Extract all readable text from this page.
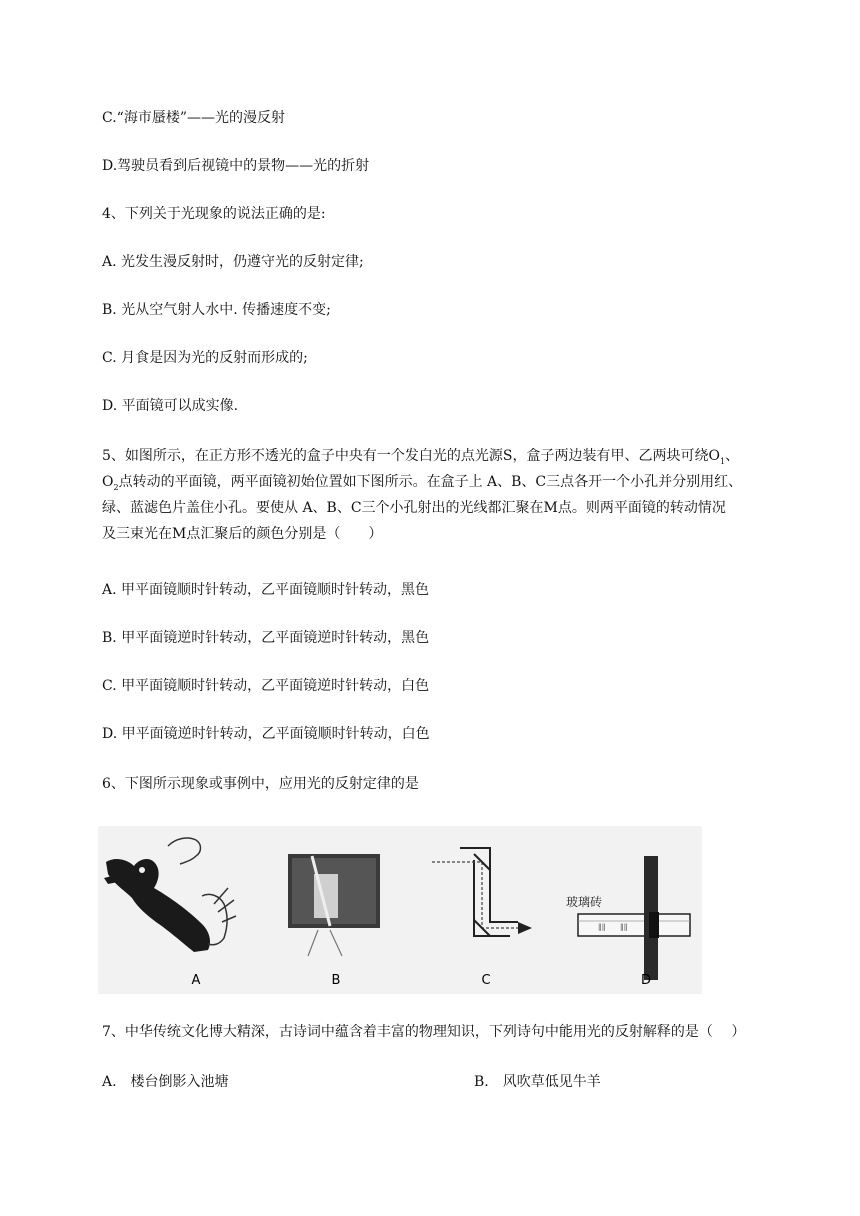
C.“海市蜃楼”——光的漫反射
D.驾驶员看到后视镜中的景物——光的折射
4、下列关于光现象的说法正确的是:
A. 光发生漫反射时，仍遵守光的反射定律;
B. 光从空气射人水中. 传播速度不变;
C. 月食是因为光的反射而形成的;
D. 平面镜可以成实像.
5、如图所示，在正方形不透光的盒子中央有一个发白光的点光源S，盒子两边装有甲、乙两块可绕$O_1$、
$O_2$点转动的平面镜，两平面镜初始位置如下图所示。在盒子上 A、B、C三点各开一个小孔并分别用红、
绿、蓝滤色片盖住小孔。要使从 A、B、C三个小孔射出的光线都汇聚在M点。则两平面镜的转动情况
及三束光在M点汇聚后的颜色分别是（　　）
A. 甲平面镜顺时针转动，乙平面镜顺时针转动，黑色
B. 甲平面镜逆时针转动，乙平面镜逆时针转动，黑色
C. 甲平面镜顺时针转动，乙平面镜逆时针转动，白色
D. 甲平面镜逆时针转动，乙平面镜顺时针转动，白色
6、下图所示现象或事例中，应用光的反射定律的是
A	B	C
∥∥ ∥∥
玻璃砖
D
7、中华传统文化博大精深，古诗词中蕴含着丰富的物理知识，下列诗句中能用光的反射解释的是（　 ）
A.　楼台倒影入池塘	B.　风吹草低见牛羊
